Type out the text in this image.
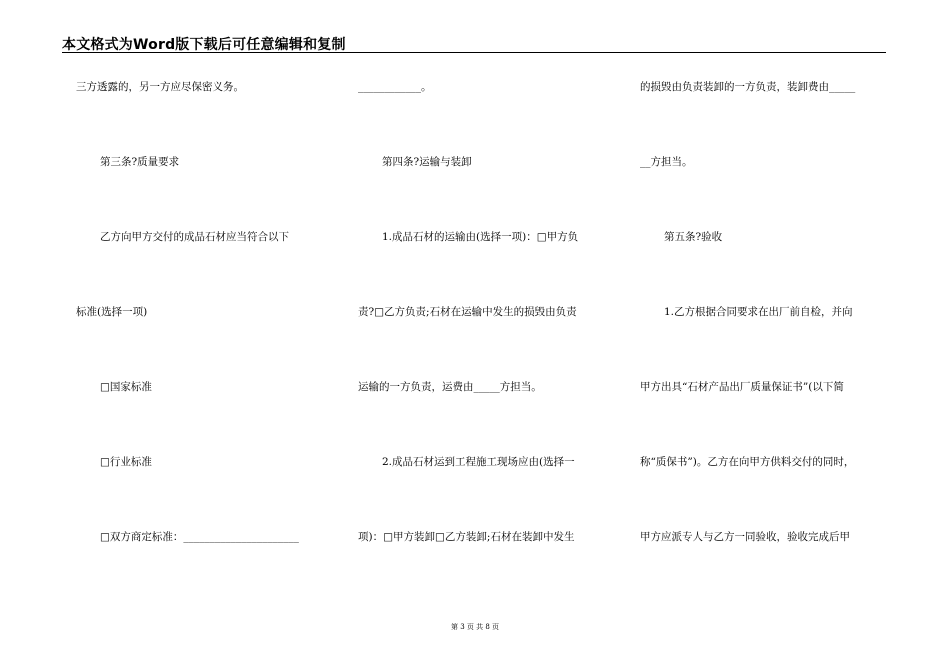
本文格式为Word版下载后可任意编辑和复制
三方透露的，另一方应尽保密义务。
第三条?质量要求
乙方向甲方交付的成品石材应当符合以下
标准(选择一项)
□国家标准
□行业标准
□双方商定标准：______________________
____________。
第四条?运输与装卸
1.成品石材的运输由(选择一项)：□甲方负
责?□乙方负责;石材在运输中发生的损毁由负责
运输的一方负责，运费由_____方担当。
2.成品石材运到工程施工现场应由(选择一
项)：□甲方装卸□乙方装卸;石材在装卸中发生
的损毁由负责装卸的一方负责，装卸费由_____
__方担当。
第五条?验收
1.乙方根据合同要求在出厂前自检，并向
甲方出具“石材产品出厂质量保证书”(以下简
称“质保书”)。乙方在向甲方供料交付的同时，
甲方应派专人与乙方一同验收，验收完成后甲
第 3 页 共 8 页
